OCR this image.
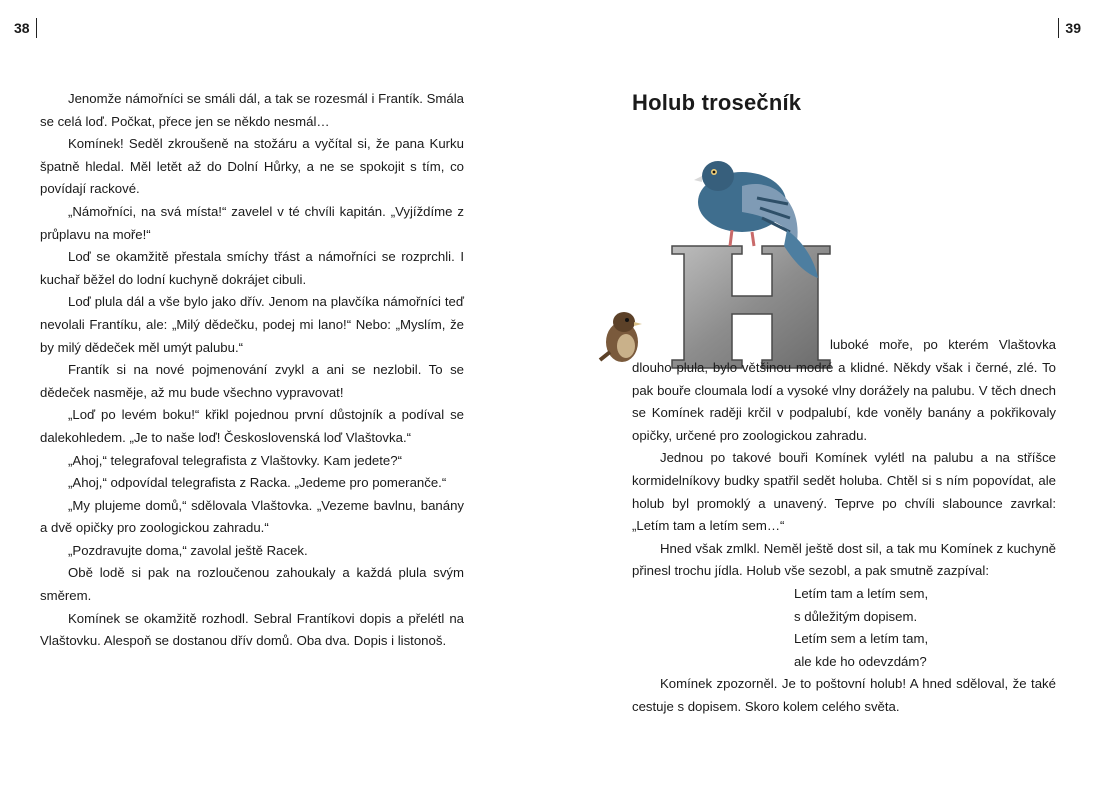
38	39

Jenomže námořníci se smáli dál, a tak se rozesmál i Frantík. Smála se celá loď. Počkat, přece jen se někdo nesmál…

Komínek! Seděl zkroušeně na stožáru a vyčítal si, že pana Kurku špatně hledal. Měl letět až do Dolní Hůrky, a ne se spokojit s tím, co povídají rackové.

„Námořníci, na svá místa!“ zavelel v té chvíli kapitán. „Vyjíždíme z průplavu na moře!“

Loď se okamžitě přestala smíchy třást a námořníci se rozprchli. I kuchař běžel do lodní kuchyně dokrájet cibuli.

Loď plula dál a vše bylo jako dřív. Jenom na plavčíka námořníci teď nevolali Frantíku, ale: „Milý dědečku, podej mi lano!“ Nebo: „Myslím, že by milý dědeček měl umýt palubu.“

Frantík si na nové pojmenování zvykl a ani se nezlobil. To se dědeček nasměje, až mu bude všechno vypravovat!

„Loď po levém boku!“ křikl pojednou první důstojník a podíval se dalekohledem. „Je to naše loď! Československá loď Vlaštovka.“

„Ahoj,“ telegrafoval telegrafista z Vlaštovky. Kam jedete?“

„Ahoj,“ odpovídal telegrafista z Racka. „Jedeme pro pomeranče.“

„My plujeme domů,“ sdělovala Vlaštovka. „Vezeme bavlnu, banány a dvě opičky pro zoologickou zahradu.“

„Pozdravujte doma,“ zavolal ještě Racek.

Obě lodě si pak na rozloučenou zahoukaly a každá plula svým směrem.

Komínek se okamžitě rozhodl. Sebral Frantíkovi dopis a přelétl na Vlaštovku. Alespoň se dostanou dřív domů. Oba dva. Dopis i listonoš.

Holub trosečník

luboké moře, po kterém Vlaštovka dlouho plula, bylo většinou modré a klidné. Někdy však i černé, zlé. To pak bouře cloumala lodí a vysoké vlny dorážely na palubu. V těch dnech se Komínek raději krčil v podpalubí, kde voněly banány a pokřikovaly opičky, určené pro zoologickou zahradu.

Jednou po takové bouři Komínek vylétl na palubu a na stříšce kormidelníkovy budky spatřil sedět holuba. Chtěl si s ním popovídat, ale holub byl promoklý a unavený. Teprve po chvíli slabounce zavrkal: „Letím tam a letím sem…“

Hned však zmlkl. Neměl ještě dost sil, a tak mu Komínek z kuchyně přinesl trochu jídla. Holub vše sezobl, a pak smutně zazpíval:

Letím tam a letím sem,
s důležitým dopisem.
Letím sem a letím tam,
ale kde ho odevzdám?

Komínek zpozorněl. Je to poštovní holub! A hned sděloval, že také cestuje s dopisem. Skoro kolem celého světa.
